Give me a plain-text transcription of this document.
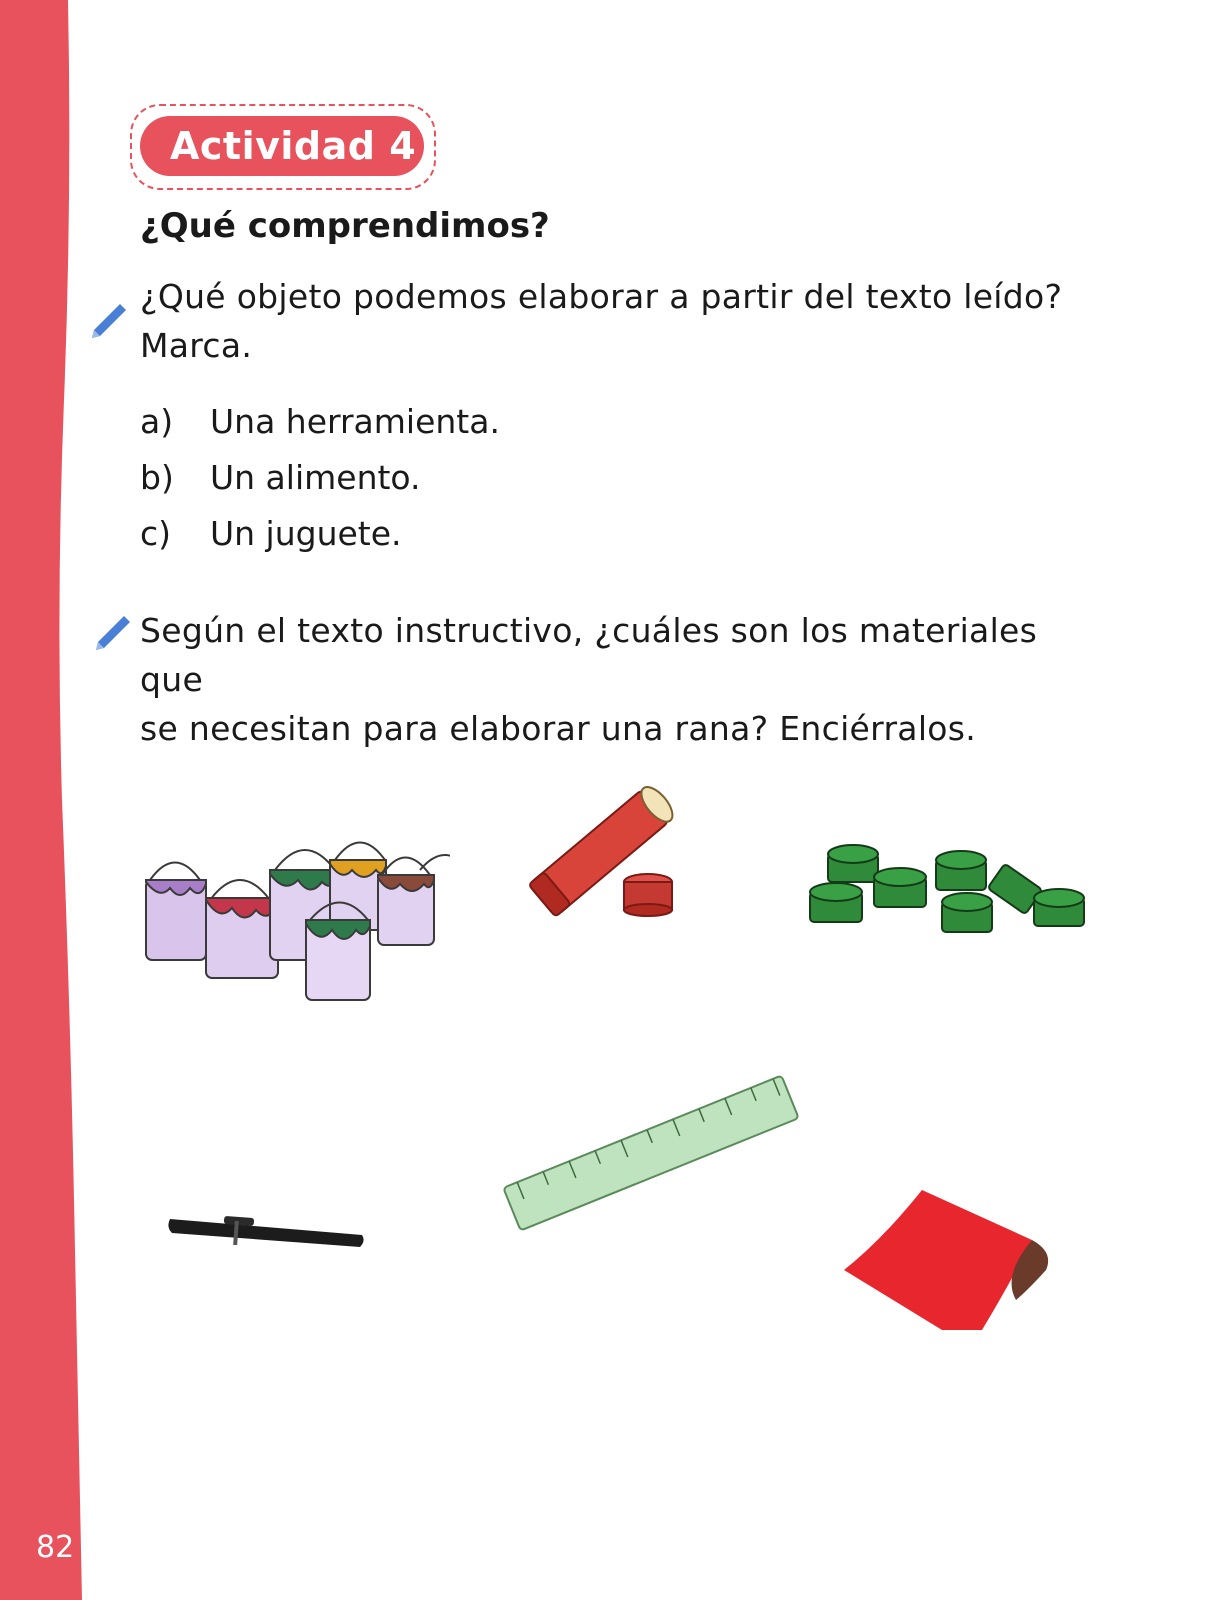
82
Actividad 4
¿Qué comprendimos?
¿Qué objeto podemos elaborar a partir del texto leído?
Marca.
a) Una herramienta.
b) Un alimento.
c) Un juguete.
Según el texto instructivo, ¿cuáles son los materiales que
se necesitan para elaborar una rana? Enciérralos.
